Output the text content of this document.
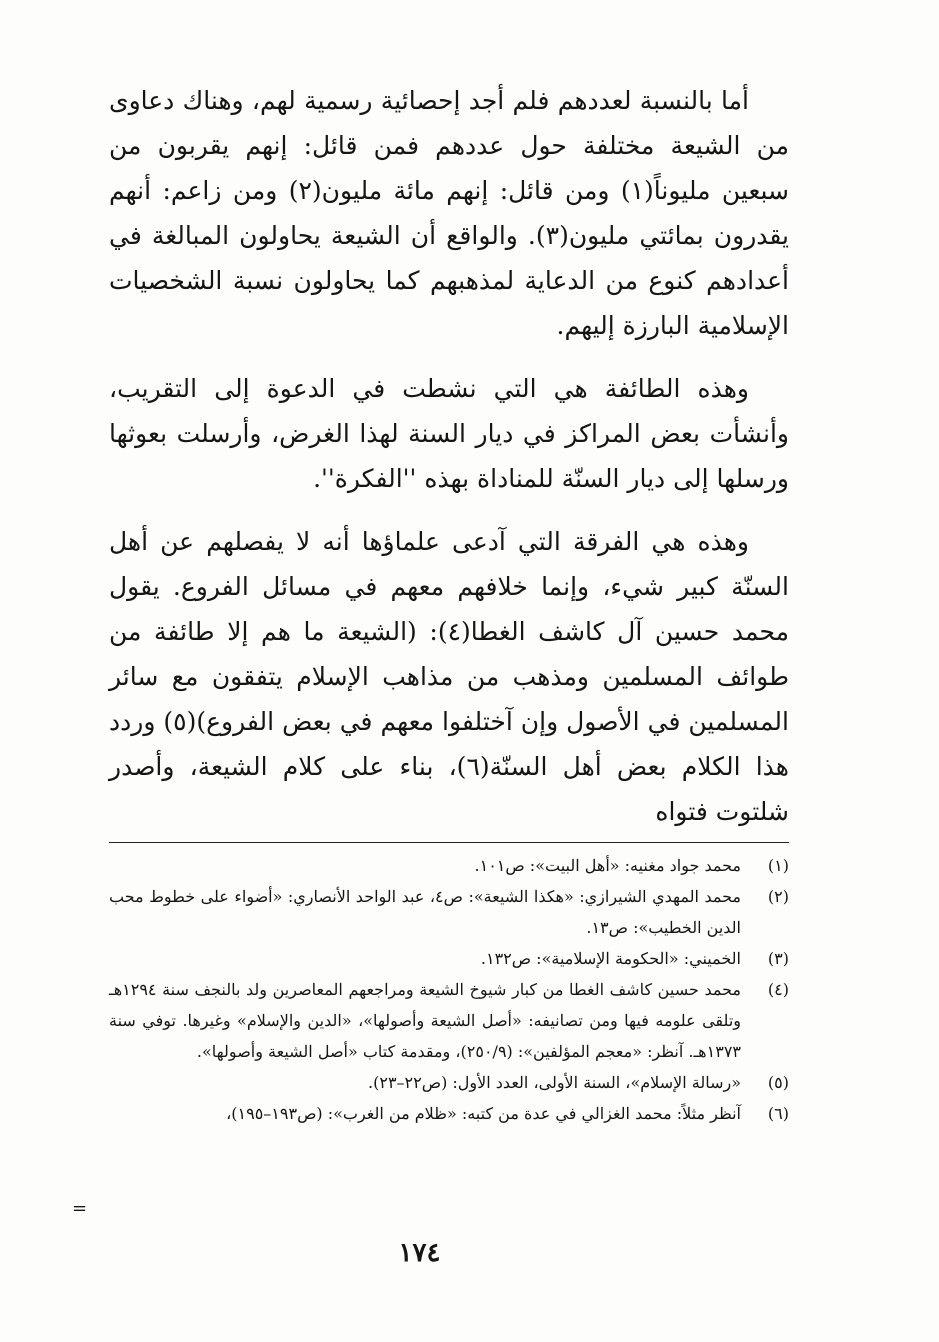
أما بالنسبة لعددهم فلم أجد إحصائية رسمية لهم، وهناك دعاوى من الشيعة مختلفة حول عددهم فمن قائل: إنهم يقربون من سبعين مليوناً(١) ومن قائل: إنهم مائة مليون(٢) ومن زاعم: أنهم يقدرون بمائتي مليون(٣). والواقع أن الشيعة يحاولون المبالغة في أعدادهم كنوع من الدعاية لمذهبهم كما يحاولون نسبة الشخصيات الإسلامية البارزة إليهم.

وهذه الطائفة هي التي نشطت في الدعوة إلى التقريب، وأنشأت بعض المراكز في ديار السنة لهذا الغرض، وأرسلت بعوثها ورسلها إلى ديار السنّة للمناداة بهذه ''الفكرة''.

وهذه هي الفرقة التي آدعى علماؤها أنه لا يفصلهم عن أهل السنّة كبير شيء، وإنما خلافهم معهم في مسائل الفروع. يقول محمد حسين آل كاشف الغطا(٤): (الشيعة ما هم إلا طائفة من طوائف المسلمين ومذهب من مذاهب الإسلام يتفقون مع سائر المسلمين في الأصول وإن آختلفوا معهم في بعض الفروع)(٥) وردد هذا الكلام بعض أهل السنّة(٦)، بناء على كلام الشيعة، وأصدر شلتوت فتواه

(١)
محمد جواد مغنيه: «أهل البيت»: ص١٠١.
(٢)
محمد المهدي الشيرازي: «هكذا الشيعة»: ص٤، عبد الواحد الأنصاري: «أضواء على خطوط محب الدين الخطيب»: ص١٣.
(٣)
الخميني: «الحكومة الإسلامية»: ص١٣٢.
(٤)
محمد حسين كاشف الغطا من كبار شيوخ الشيعة ومراجعهم المعاصرين ولد بالنجف سنة ١٢٩٤هـ وتلقى علومه فيها ومن تصانيفه: «أصل الشيعة وأصولها»، «الدين والإسلام» وغيرها. توفي سنة ١٣٧٣هـ. آنظر: «معجم المؤلفين»: (٢٥٠/٩)، ومقدمة كتاب «أصل الشيعة وأصولها».
(٥)
«رسالة الإسلام»، السنة الأولى، العدد الأول: (ص٢٢–٢٣).
(٦)
آنظر مثلاً: محمد الغزالي في عدة من كتبه: «ظلام من الغرب»: (ص١٩٣–١٩٥)،
=
١٧٤
